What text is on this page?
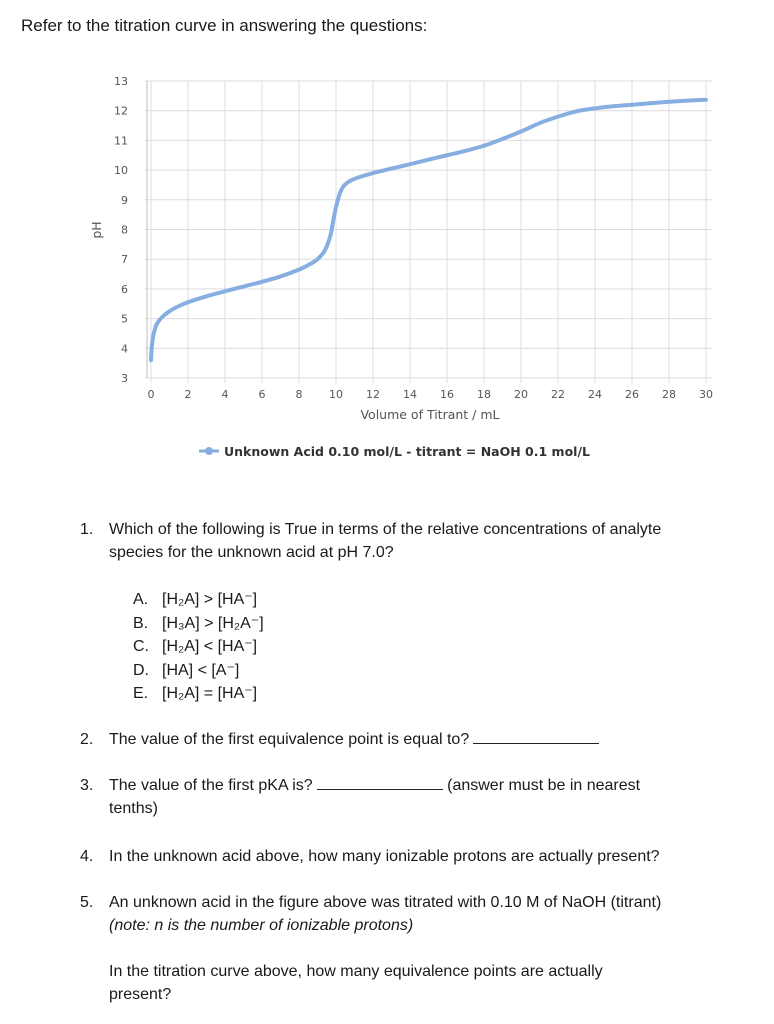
Refer to the titration curve in answering the questions:
3
4
5
6
7
8
9
10
11
12
13
0	2	4	6	8 10 12 14 16 18 20 22 24 26 28 30
pH
Volume of Titrant / mL
Unknown Acid 0.10 mol/L - titrant = NaOH 0.1 mol/L
1. Which of the following is True in terms of the relative concentrations of analyte
species for the unknown acid at pH 7.0?
A. [H₂A] > [HA⁻]
B. [H₃A] > [H₂A⁻]
C. [H₂A] < [HA⁻]
D. [HA] < [A⁻]
E. [H₂A] = [HA⁻]
2. The value of the first equivalence point is equal to?
3. The value of the first pKA is?	(answer must be in nearest
tenths)
4. In the unknown acid above, how many ionizable protons are actually present?
5. An unknown acid in the figure above was titrated with 0.10 M of NaOH (titrant)
(note: n is the number of ionizable protons)
In the titration curve above, how many equivalence points are actually
present?
